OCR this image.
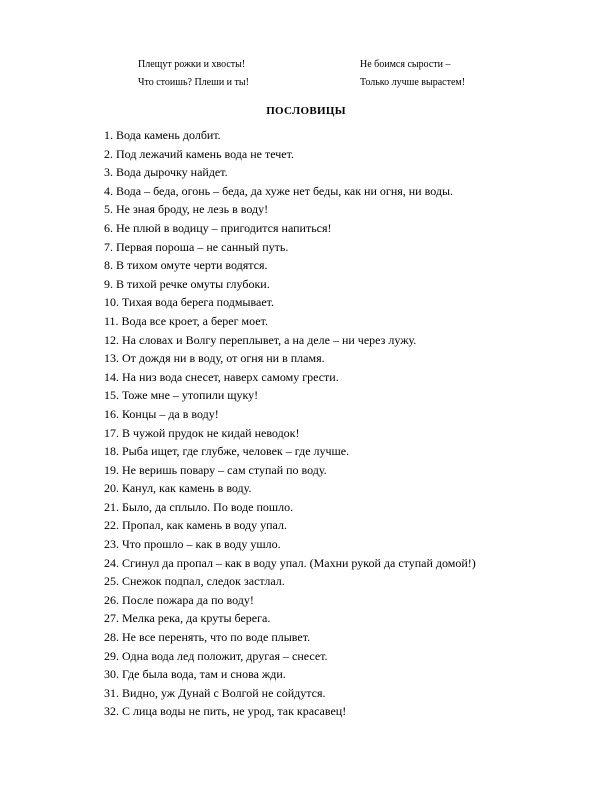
Плещут рожки и хвосты!
Что стоишь? Плеши и ты!
Не боимся сырости –
Только лучше вырастем!
ПОСЛОВИЦЫ
1. Вода камень долбит.
2. Под лежачий камень вода не течет.
3. Вода дырочку найдет.
4. Вода – беда, огонь – беда, да хуже нет беды, как ни огня, ни воды.
5. Не зная броду, не лезь в воду!
6. Не плюй в водицу – пригодится напиться!
7. Первая пороша – не санный путь.
8. В тихом омуте черти водятся.
9. В тихой речке омуты глубоки.
10. Тихая вода берега подмывает.
11. Вода все кроет, а берег моет.
12. На словах и Волгу переплывет, а на деле – ни через лужу.
13. От дождя ни в воду, от огня ни в пламя.
14. На низ вода снесет, наверх самому грести.
15. Тоже мне – утопили щуку!
16. Концы – да в воду!
17. В чужой прудок не кидай неводок!
18. Рыба ищет, где глубже, человек – где лучше.
19. Не веришь повару – сам ступай по воду.
20. Канул, как камень в воду.
21. Было, да сплыло. По воде пошло.
22. Пропал, как камень в воду упал.
23. Что прошло – как в воду ушло.
24. Сгинул да пропал – как в воду упал. (Махни рукой да ступай домой!)
25. Снежок подпал, следок застлал.
26. После пожара да по воду!
27. Мелка река, да круты берега.
28. Не все перенять, что по воде плывет.
29. Одна вода лед положит, другая – снесет.
30. Где была вода, там и снова жди.
31. Видно, уж Дунай с Волгой не сойдутся.
32. С лица воды не пить, не урод, так красавец!
